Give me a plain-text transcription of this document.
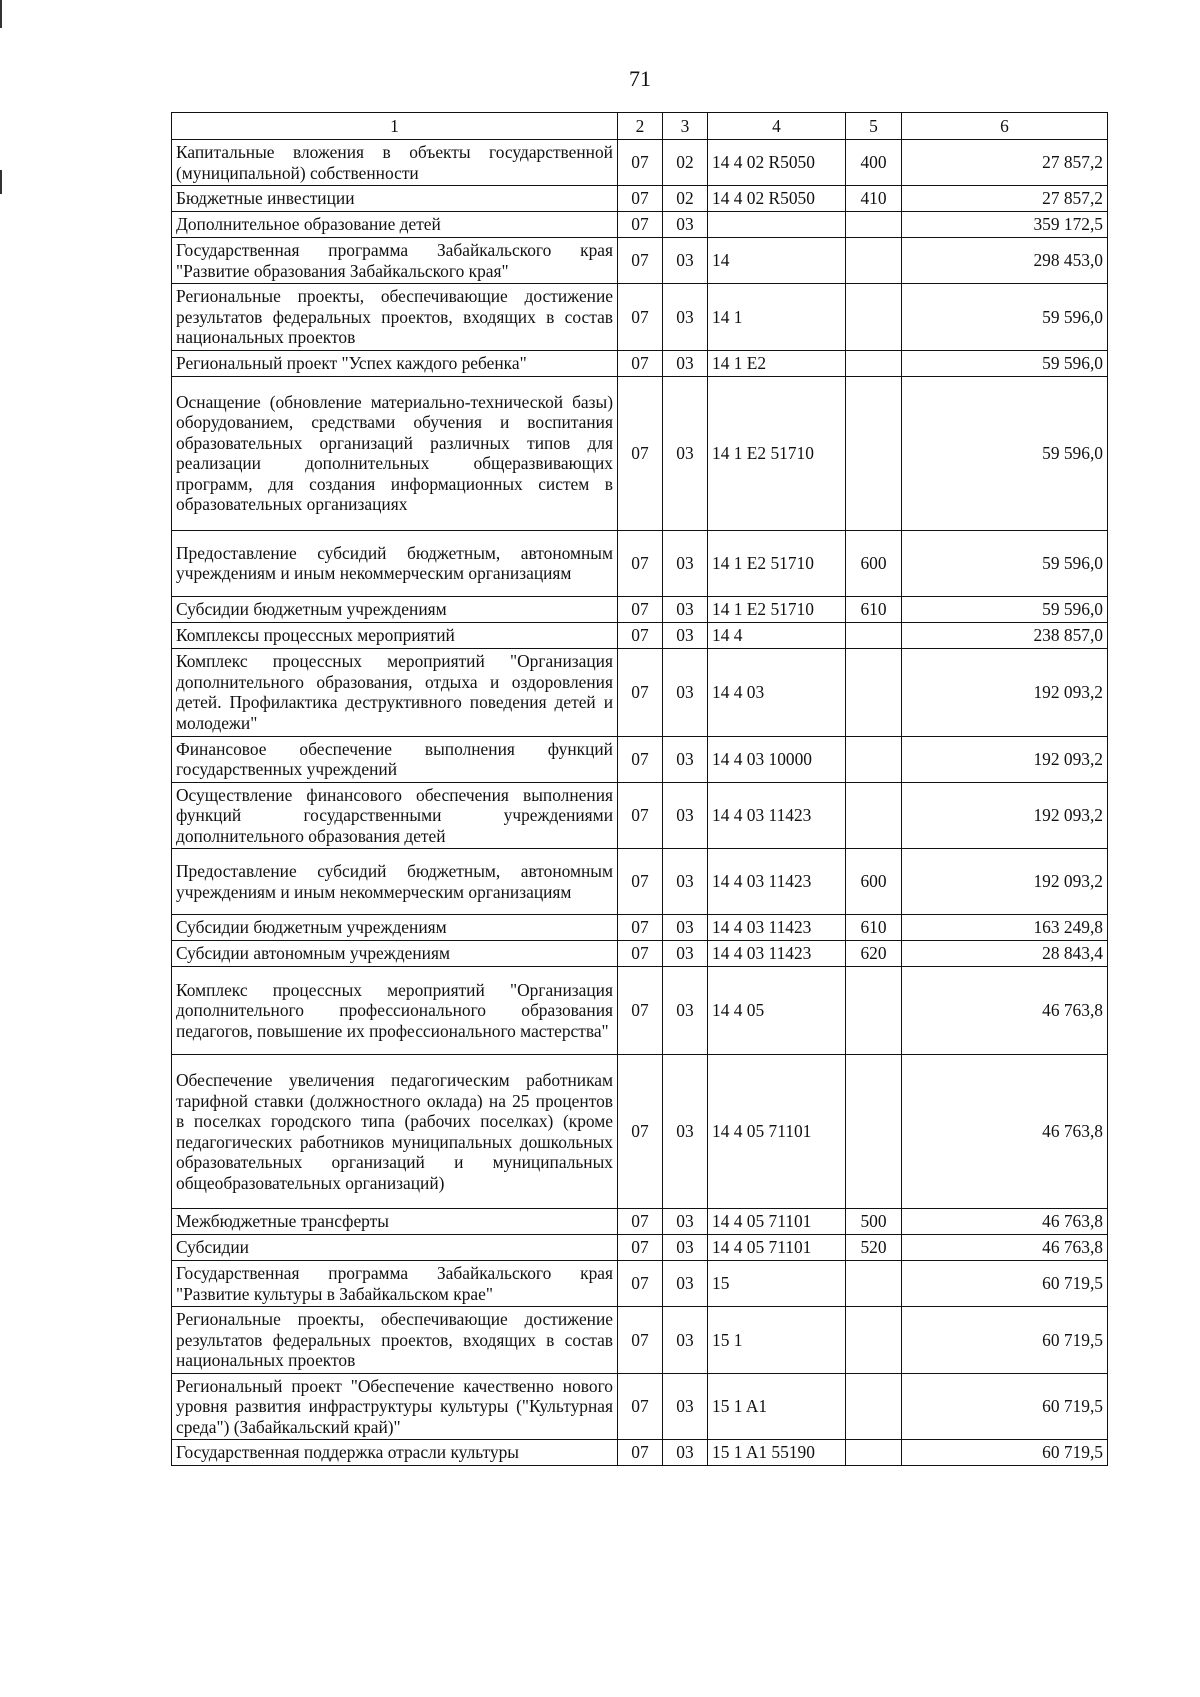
71
1	2	3	4	5	6
Капитальные вложения в объекты государственной (муниципальной) собственности	07	02	14 4 02 R5050	400	27 857,2
Бюджетные инвестиции	07	02	14 4 02 R5050	410	27 857,2
Дополнительное образование детей	07	03			359 172,5
Государственная программа Забайкальского края "Развитие образования Забайкальского края"	07	03	14		298 453,0
Региональные проекты, обеспечивающие достижение результатов федеральных проектов, входящих в состав национальных проектов	07	03	14 1		59 596,0
Региональный проект "Успех каждого ребенка"	07	03	14 1 E2		59 596,0
Оснащение (обновление материально-технической базы) оборудованием, средствами обучения и воспитания образовательных организаций различных типов для реализации дополнительных общеразвивающих программ, для создания информационных систем в образовательных организациях	07	03	14 1 E2 51710		59 596,0
Предоставление субсидий бюджетным, автономным учреждениям и иным некоммерческим организациям	07	03	14 1 E2 51710	600	59 596,0
Субсидии бюджетным учреждениям	07	03	14 1 E2 51710	610	59 596,0
Комплексы процессных мероприятий	07	03	14 4		238 857,0
Комплекс процессных мероприятий "Организация дополнительного образования, отдыха и оздоровления детей. Профилактика деструктивного поведения детей и молодежи"	07	03	14 4 03		192 093,2
Финансовое обеспечение выполнения функций государственных учреждений	07	03	14 4 03 10000		192 093,2
Осуществление финансового обеспечения выполнения функций государственными учреждениями дополнительного образования детей	07	03	14 4 03 11423		192 093,2
Предоставление субсидий бюджетным, автономным учреждениям и иным некоммерческим организациям	07	03	14 4 03 11423	600	192 093,2
Субсидии бюджетным учреждениям	07	03	14 4 03 11423	610	163 249,8
Субсидии автономным учреждениям	07	03	14 4 03 11423	620	28 843,4
Комплекс процессных мероприятий "Организация дополнительного профессионального образования педагогов, повышение их профессионального мастерства"	07	03	14 4 05		46 763,8
Обеспечение увеличения педагогическим работникам тарифной ставки (должностного оклада) на 25 процентов в поселках городского типа (рабочих поселках) (кроме педагогических работников муниципальных дошкольных образовательных организаций и муниципальных общеобразовательных организаций)	07	03	14 4 05 71101		46 763,8
Межбюджетные трансферты	07	03	14 4 05 71101	500	46 763,8
Субсидии	07	03	14 4 05 71101	520	46 763,8
Государственная программа Забайкальского края "Развитие культуры в Забайкальском крае"	07	03	15		60 719,5
Региональные проекты, обеспечивающие достижение результатов федеральных проектов, входящих в состав национальных проектов	07	03	15 1		60 719,5
Региональный проект "Обеспечение качественно нового уровня развития инфраструктуры культуры ("Культурная среда") (Забайкальский край)"	07	03	15 1 A1		60 719,5
Государственная поддержка отрасли культуры	07	03	15 1 A1 55190		60 719,5
